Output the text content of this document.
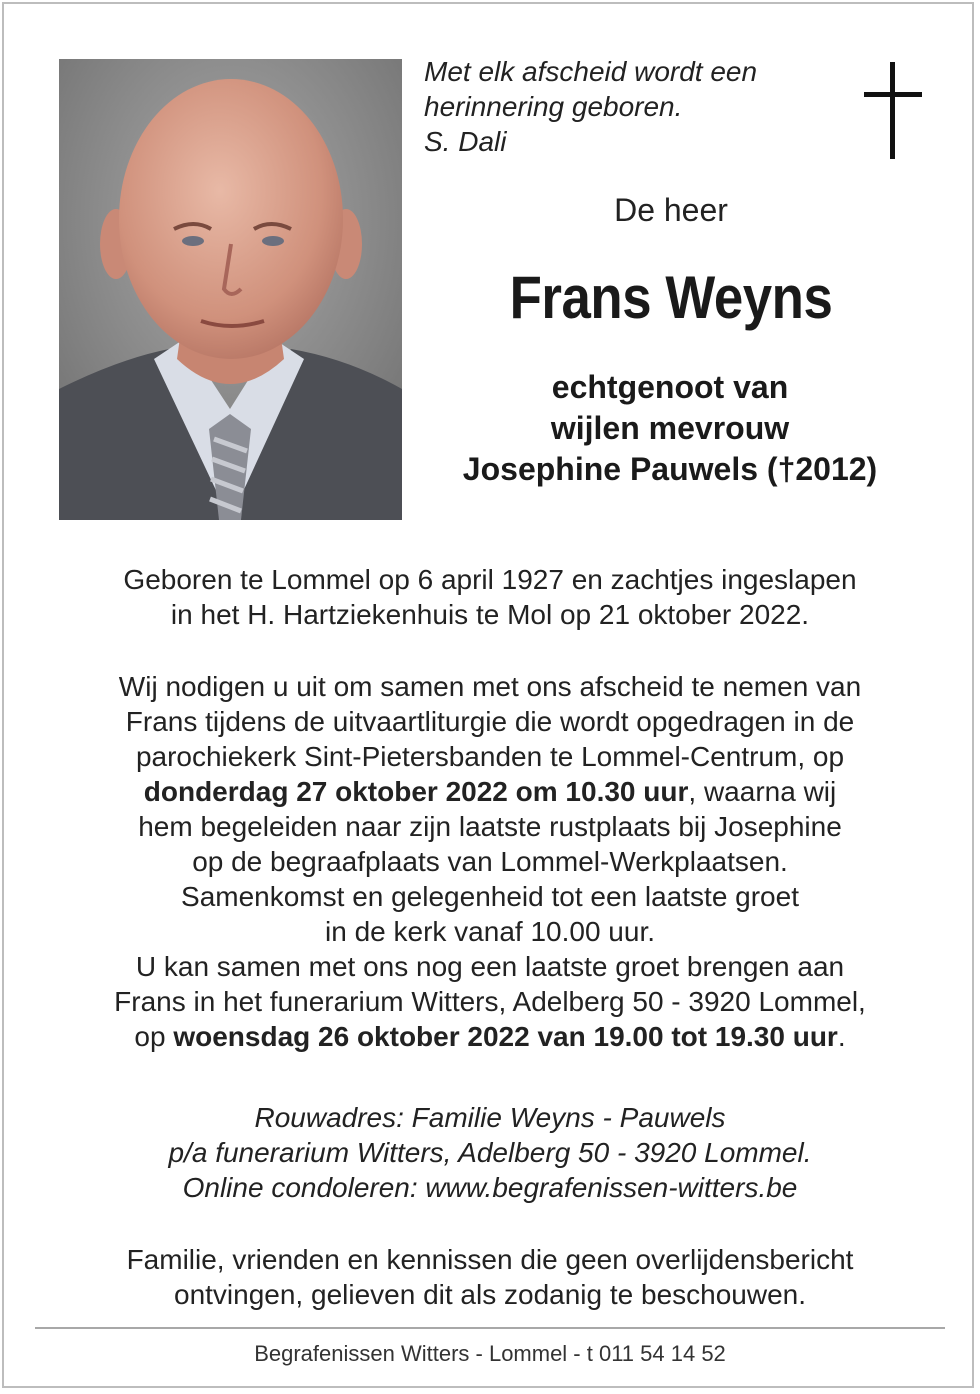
Met elk afscheid wordt een
herinnering geboren.
S. Dali
De heer
Frans Weyns
echtgenoot van
wijlen mevrouw
Josephine Pauwels (†2012)
Geboren te Lommel op 6 april 1927 en zachtjes ingeslapen
in het H. Hartziekenhuis te Mol op 21 oktober 2022.
Wij nodigen u uit om samen met ons afscheid te nemen van
Frans tijdens de uitvaartliturgie die wordt opgedragen in de
parochiekerk Sint-Pietersbanden te Lommel-Centrum, op
donderdag 27 oktober 2022 om 10.30 uur, waarna wij
hem begeleiden naar zijn laatste rustplaats bij Josephine
op de begraafplaats van Lommel-Werkplaatsen.
Samenkomst en gelegenheid tot een laatste groet
in de kerk vanaf 10.00 uur.
U kan samen met ons nog een laatste groet brengen aan
Frans in het funerarium Witters, Adelberg 50 - 3920 Lommel,
op woensdag 26 oktober 2022 van 19.00 tot 19.30 uur.
Rouwadres: Familie Weyns - Pauwels
p/a funerarium Witters, Adelberg 50 - 3920 Lommel.
Online condoleren: www.begrafenissen-witters.be
Familie, vrienden en kennissen die geen overlijdensbericht
ontvingen, gelieven dit als zodanig te beschouwen.
Begrafenissen Witters - Lommel - t 011 54 14 52
